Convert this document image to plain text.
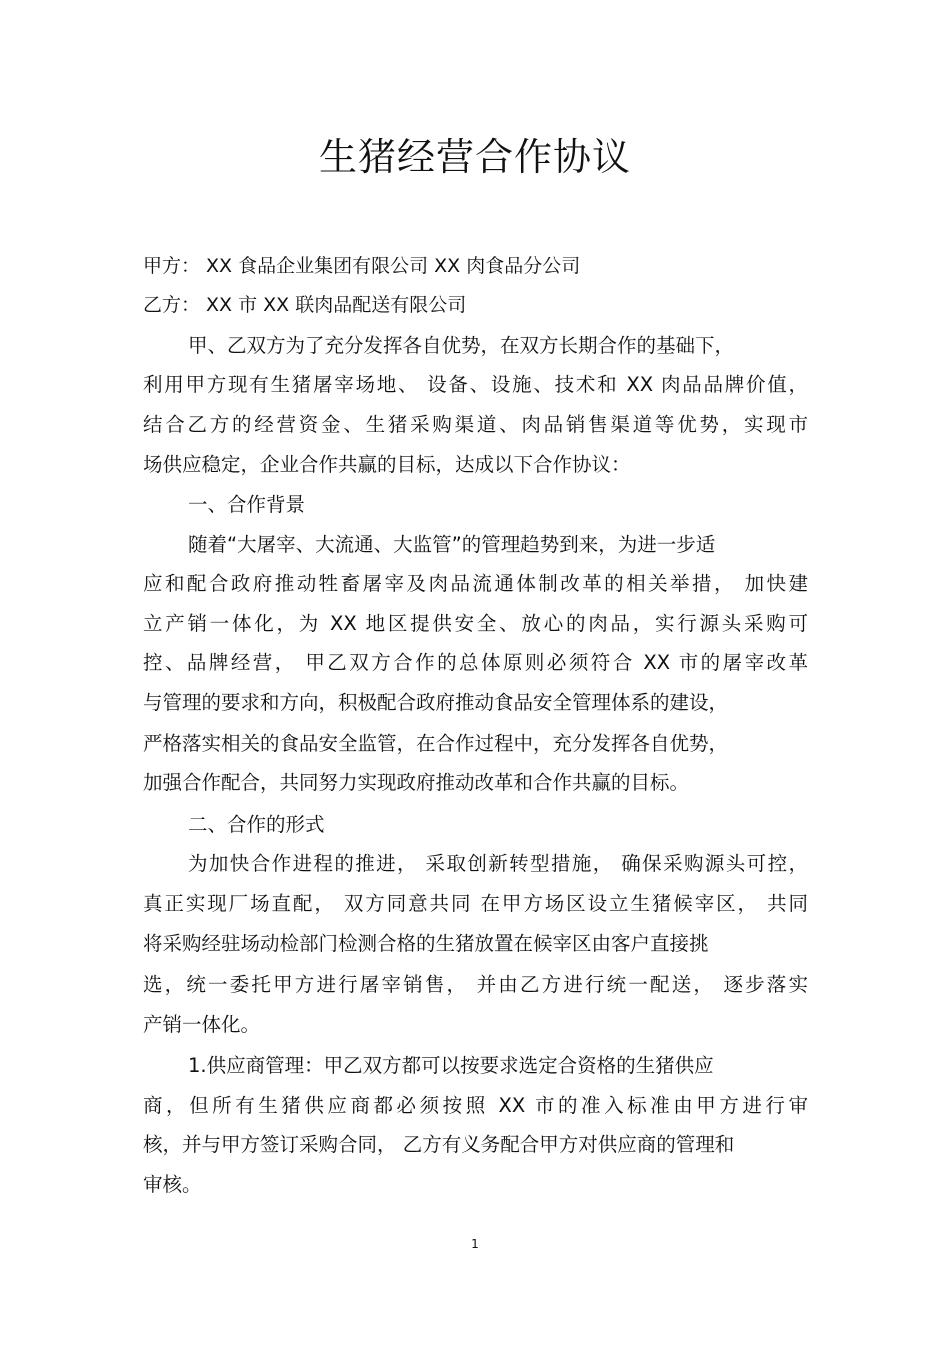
生猪经营合作协议
甲方： XX 食品企业集团有限公司 XX 肉食品分公司
乙方： XX 市 XX 联肉品配送有限公司
甲、乙双方为了充分发挥各自优势，在双方长期合作的基础下，
利用甲方现有生猪屠宰场地、 设备、设施、技术和 XX 肉品品牌价值，
结合乙方的经营资金、生猪采购渠道、肉品销售渠道等优势，实现市
场供应稳定，企业合作共赢的目标，达成以下合作协议：
一、合作背景
随着“大屠宰、大流通、大监管”的管理趋势到来，为进一步适
应和配合政府推动牲畜屠宰及肉品流通体制改革的相关举措， 加快建
立产销一体化，为 XX 地区提供安全、放心的肉品，实行源头采购可
控、品牌经营， 甲乙双方合作的总体原则必须符合 XX 市的屠宰改革
与管理的要求和方向，积极配合政府推动食品安全管理体系的建设，
严格落实相关的食品安全监管，在合作过程中，充分发挥各自优势，
加强合作配合，共同努力实现政府推动改革和合作共赢的目标。
二、合作的形式
为加快合作进程的推进， 采取创新转型措施， 确保采购源头可控，
真正实现厂场直配， 双方同意共同 在甲方场区设立生猪候宰区， 共同
将采购经驻场动检部门检测合格的生猪放置在候宰区由客户直接挑
选，统一委托甲方进行屠宰销售， 并由乙方进行统一配送， 逐步落实
产销一体化。
1.供应商管理：甲乙双方都可以按要求选定合资格的生猪供应
商，但所有生猪供应商都必须按照 XX 市的准入标准由甲方进行审
核，并与甲方签订采购合同， 乙方有义务配合甲方对供应商的管理和
审核。
1
